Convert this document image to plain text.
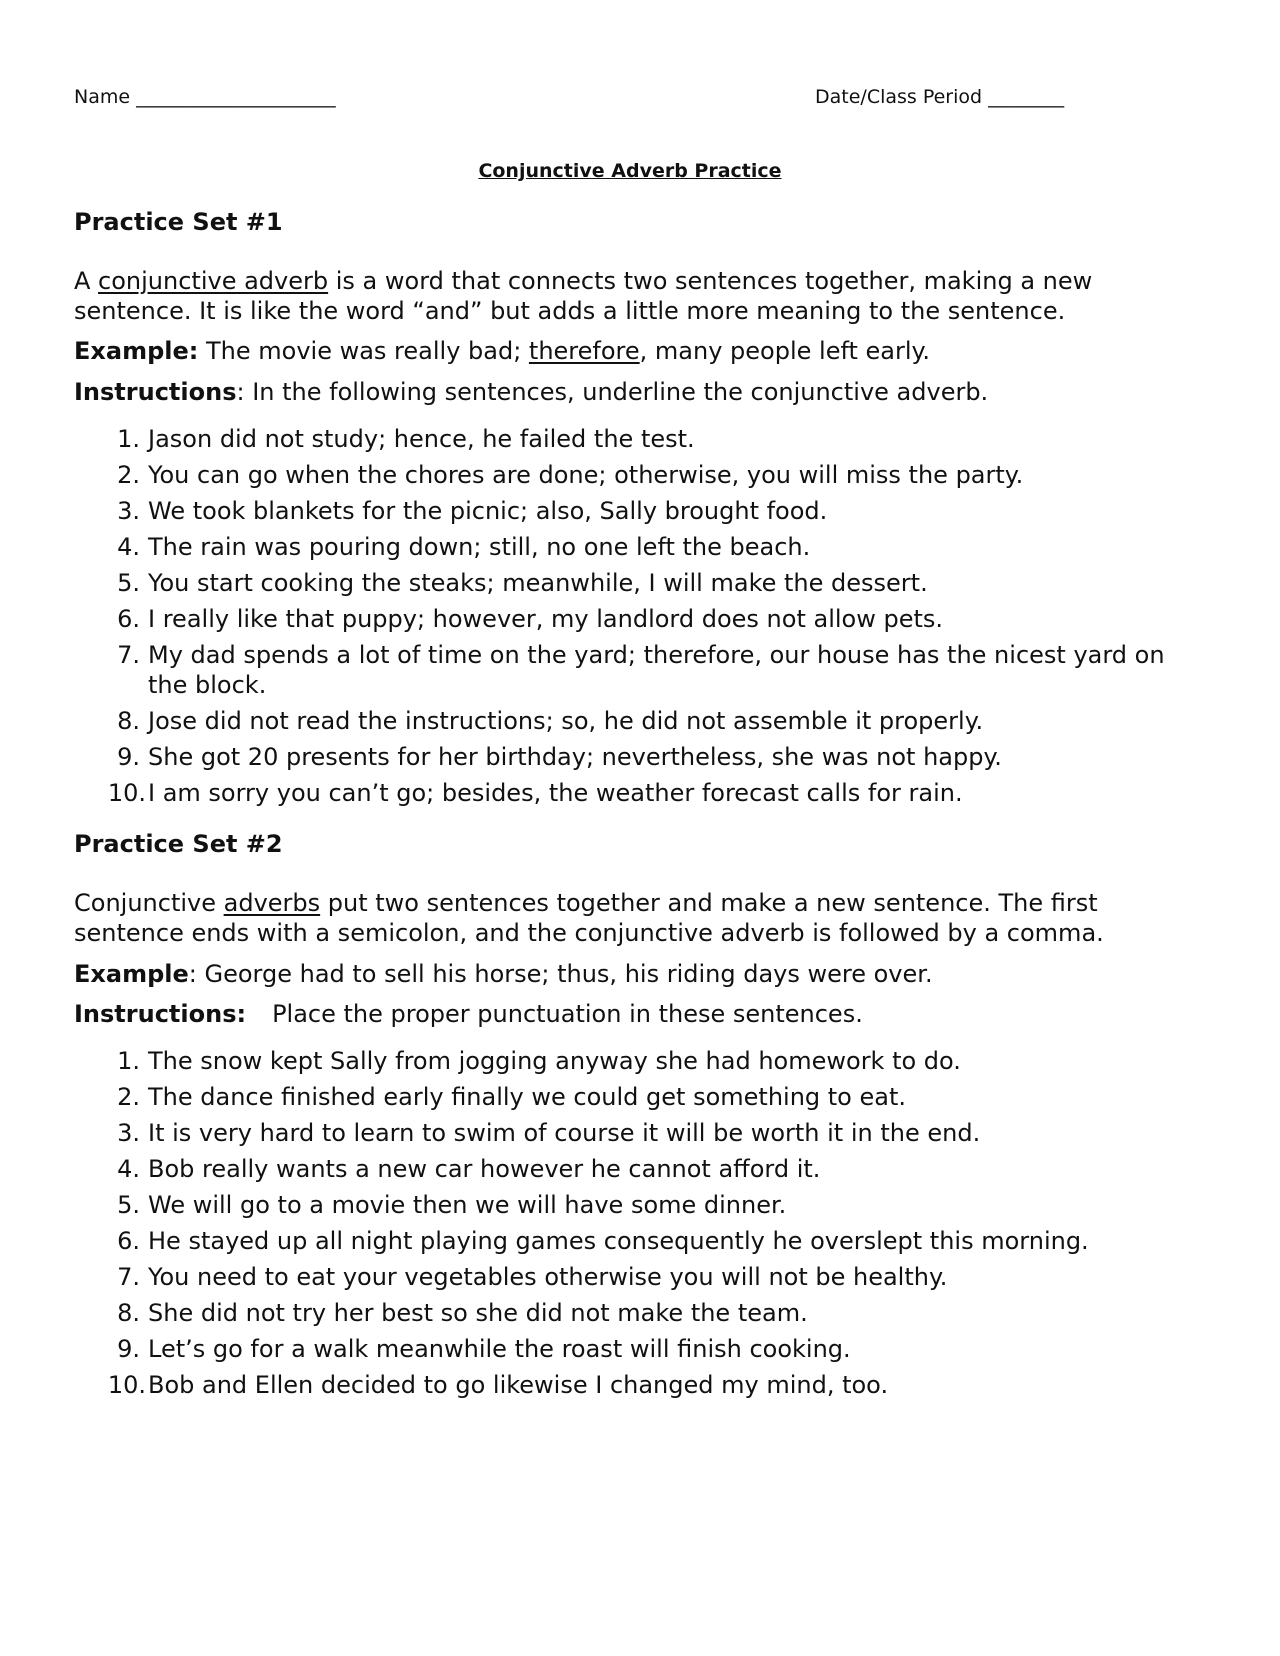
Name _____________________	Date/Class Period ________
Conjunctive Adverb Practice
Practice Set #1
A conjunctive adverb is a word that connects two sentences together, making a new sentence. It is like the word “and” but adds a little more meaning to the sentence.
Example: The movie was really bad; therefore, many people left early.
Instructions: In the following sentences, underline the conjunctive adverb.
1. Jason did not study; hence, he failed the test.
2. You can go when the chores are done; otherwise, you will miss the party.
3. We took blankets for the picnic; also, Sally brought food.
4. The rain was pouring down; still, no one left the beach.
5. You start cooking the steaks; meanwhile, I will make the dessert.
6. I really like that puppy; however, my landlord does not allow pets.
7. My dad spends a lot of time on the yard; therefore, our house has the nicest yard on the block.
8. Jose did not read the instructions; so, he did not assemble it properly.
9. She got 20 presents for her birthday; nevertheless, she was not happy.
10. I am sorry you can’t go; besides, the weather forecast calls for rain.
Practice Set #2
Conjunctive adverbs put two sentences together and make a new sentence. The first sentence ends with a semicolon, and the conjunctive adverb is followed by a comma.
Example: George had to sell his horse; thus, his riding days were over.
Instructions: Place the proper punctuation in these sentences.
1. The snow kept Sally from jogging anyway she had homework to do.
2. The dance finished early finally we could get something to eat.
3. It is very hard to learn to swim of course it will be worth it in the end.
4. Bob really wants a new car however he cannot afford it.
5. We will go to a movie then we will have some dinner.
6. He stayed up all night playing games consequently he overslept this morning.
7. You need to eat your vegetables otherwise you will not be healthy.
8. She did not try her best so she did not make the team.
9. Let’s go for a walk meanwhile the roast will finish cooking.
10. Bob and Ellen decided to go likewise I changed my mind, too.
